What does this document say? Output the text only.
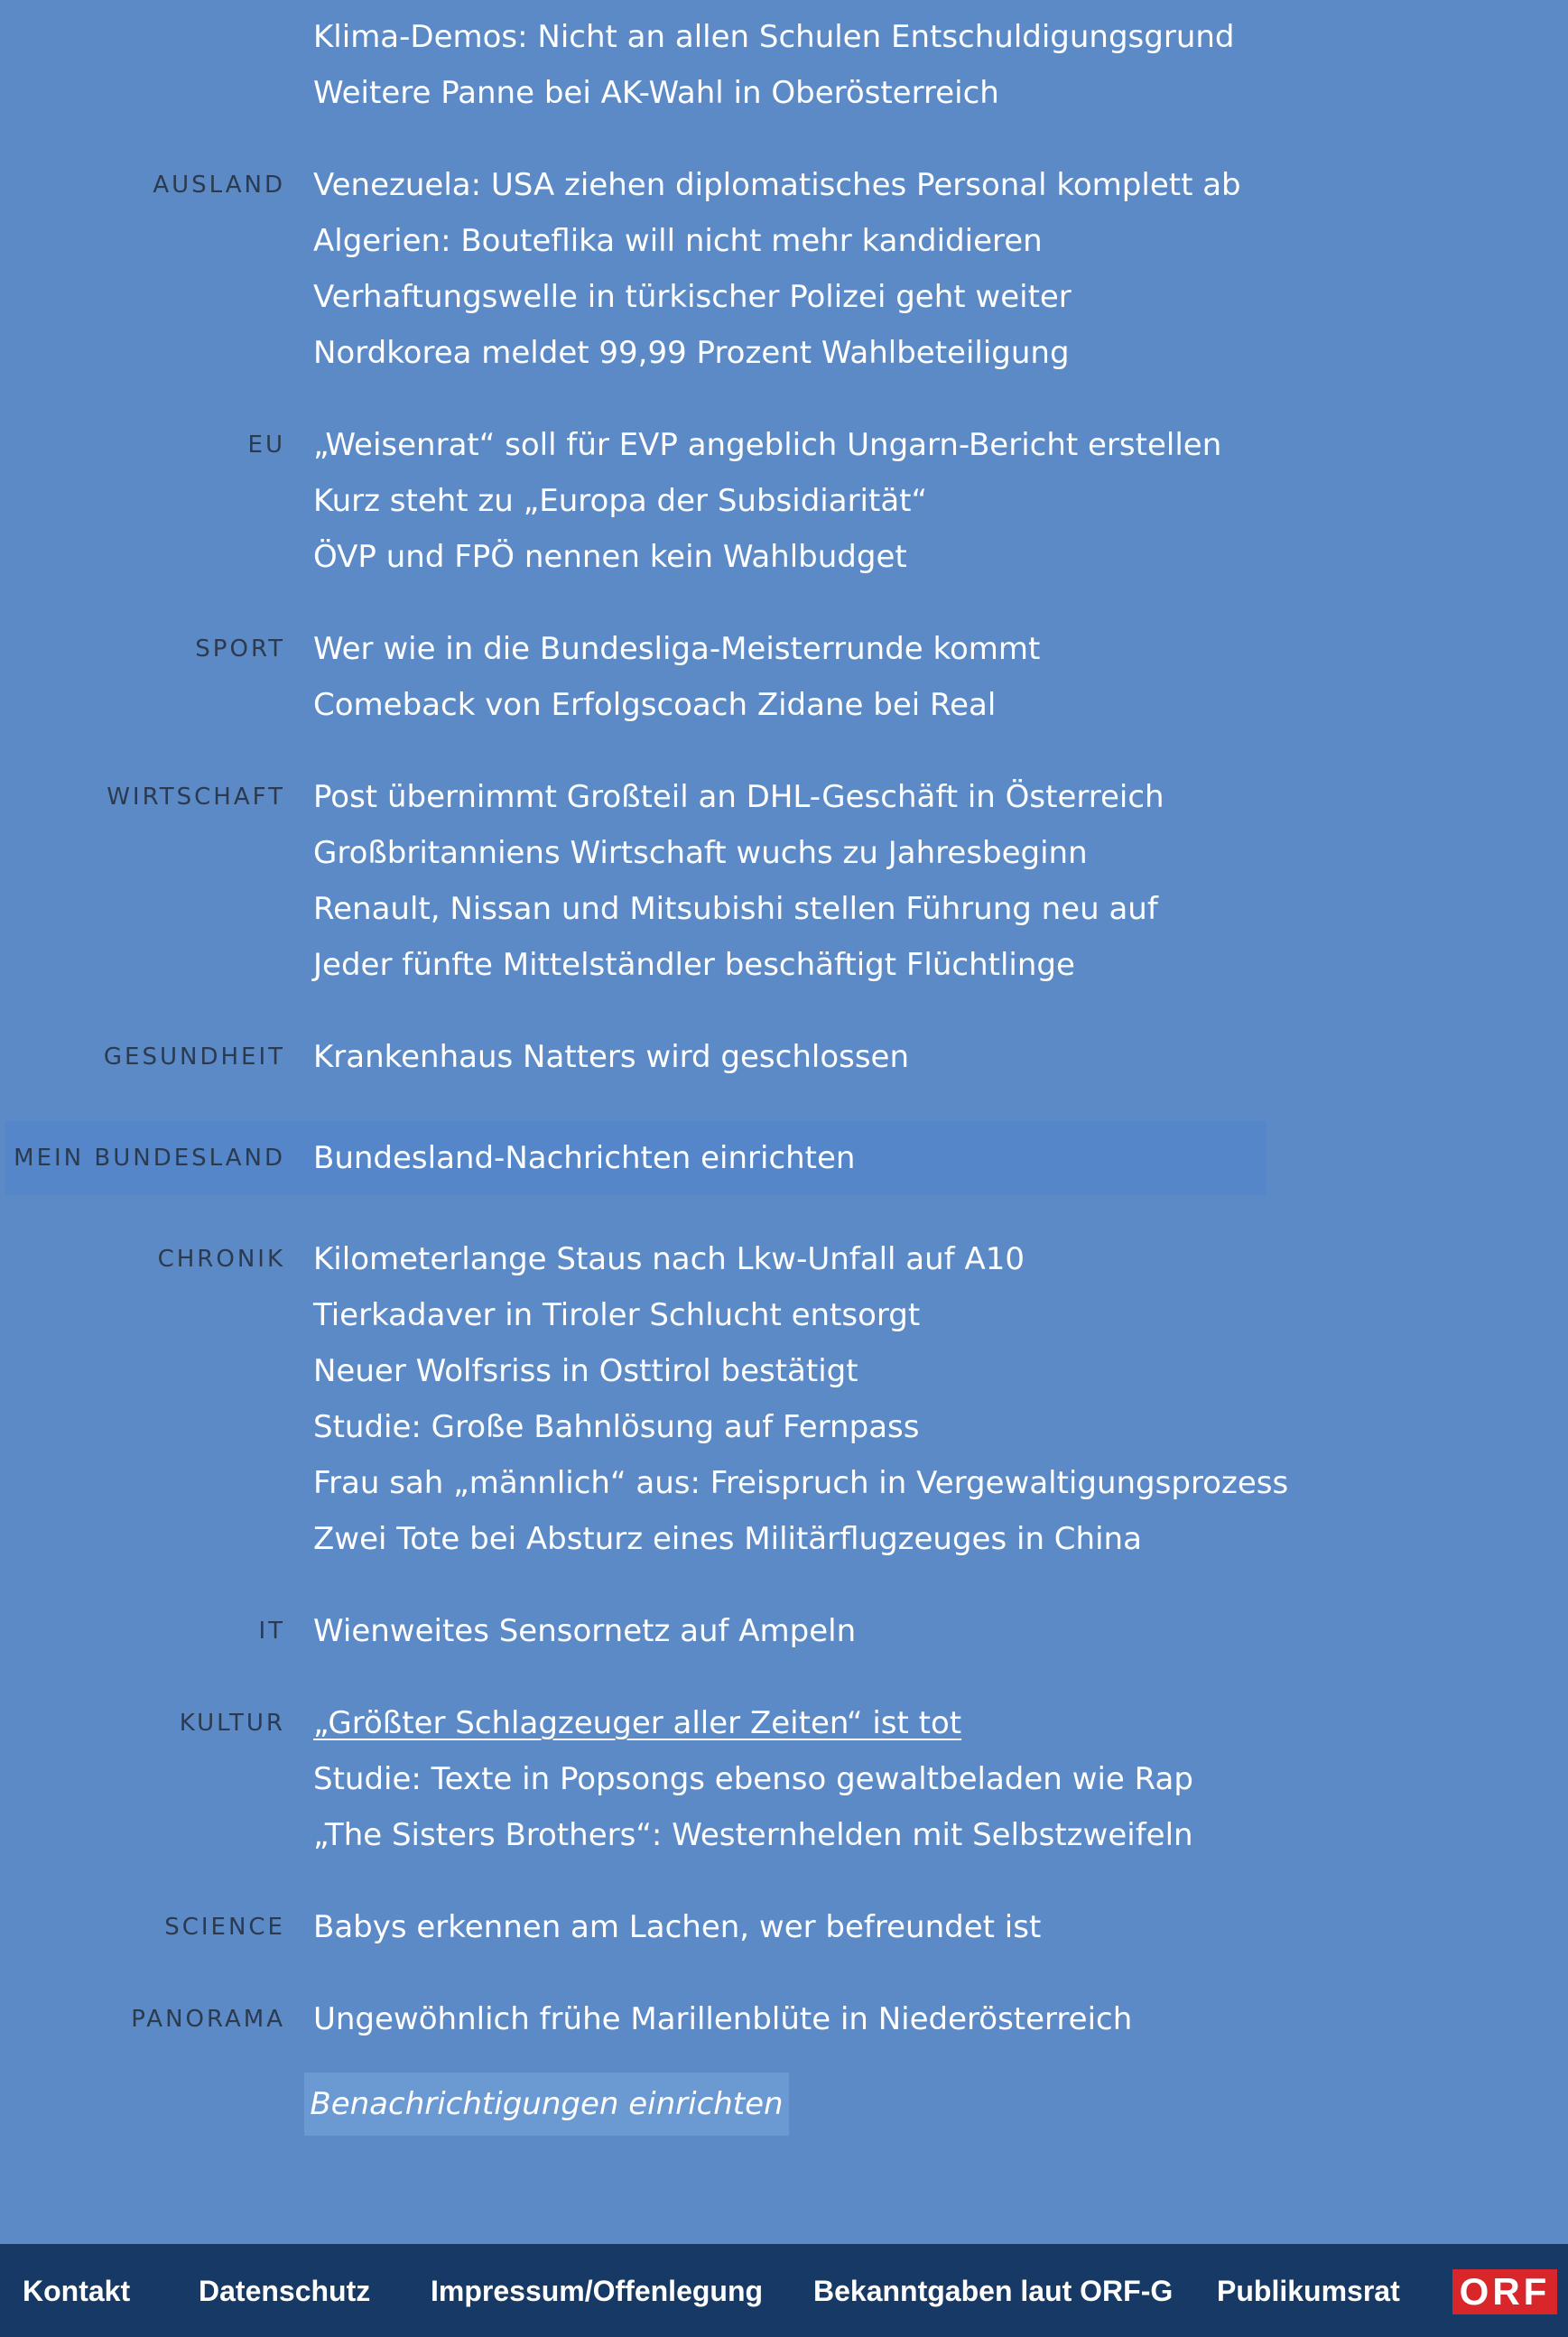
Klima-Demos: Nicht an allen Schulen Entschuldigungsgrund
Weitere Panne bei AK-Wahl in Oberösterreich
AUSLAND Venezuela: USA ziehen diplomatisches Personal komplett ab
Algerien: Bouteflika will nicht mehr kandidieren
Verhaftungswelle in türkischer Polizei geht weiter
Nordkorea meldet 99,99 Prozent Wahlbeteiligung
EU „Weisenrat“ soll für EVP angeblich Ungarn-Bericht erstellen
Kurz steht zu „Europa der Subsidiarität“
ÖVP und FPÖ nennen kein Wahlbudget
SPORT Wer wie in die Bundesliga-Meisterrunde kommt
Comeback von Erfolgscoach Zidane bei Real
WIRTSCHAFT Post übernimmt Großteil an DHL-Geschäft in Österreich
Großbritanniens Wirtschaft wuchs zu Jahresbeginn
Renault, Nissan und Mitsubishi stellen Führung neu auf
Jeder fünfte Mittelständler beschäftigt Flüchtlinge
GESUNDHEIT Krankenhaus Natters wird geschlossen
MEIN BUNDESLAND Bundesland-Nachrichten einrichten
CHRONIK Kilometerlange Staus nach Lkw-Unfall auf A10
Tierkadaver in Tiroler Schlucht entsorgt
Neuer Wolfsriss in Osttirol bestätigt
Studie: Große Bahnlösung auf Fernpass
Frau sah „männlich“ aus: Freispruch in Vergewaltigungsprozess
Zwei Tote bei Absturz eines Militärflugzeuges in China
IT Wienweites Sensornetz auf Ampeln
KULTUR „Größter Schlagzeuger aller Zeiten“ ist tot
Studie: Texte in Popsongs ebenso gewaltbeladen wie Rap
„The Sisters Brothers“: Westernhelden mit Selbstzweifeln
SCIENCE Babys erkennen am Lachen, wer befreundet ist
PANORAMA Ungewöhnlich frühe Marillenblüte in Niederösterreich
Benachrichtigungen einrichten
Kontakt Datenschutz Impressum/Offenlegung Bekanntgaben laut ORF-G Publikumsrat ORF
